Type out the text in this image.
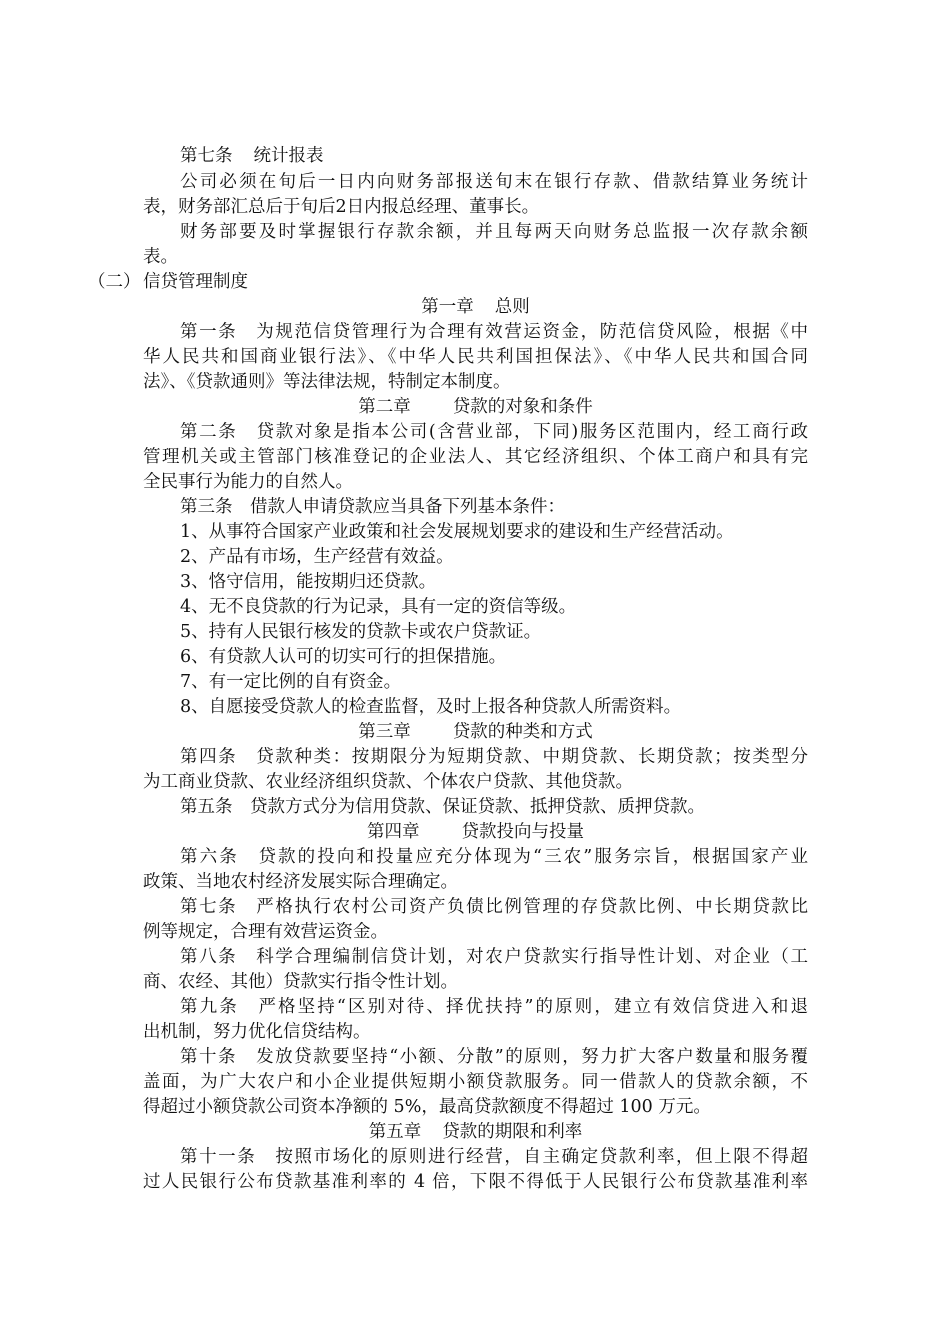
第七条 统计报表
公司必须在旬后一日内向财务部报送旬末在银行存款、借款结算业务统计
表，财务部汇总后于旬后2日内报总经理、董事长。
财务部要及时掌握银行存款余额，并且每两天向财务总监报一次存款余额
表。
（二） 信贷管理制度
第一章 总则
第一条　为规范信贷管理行为合理有效营运资金，防范信贷风险，根据《中
华人民共和国商业银行法》、《中华人民共利国担保法》、《中华人民共和国合同
法》、《贷款通则》等法律法规，特制定本制度。
第二章 贷款的对象和条件
第二条　贷款对象是指本公司(含营业部，下同)服务区范围内，经工商行政
管理机关或主管部门核准登记的企业法人、其它经济组织、个体工商户和具有完
全民事行为能力的自然人。
第三条　借款人申请贷款应当具备下列基本条件：
1、从事符合国家产业政策和社会发展规划要求的建设和生产经营活动。
2、产品有市场，生产经营有效益。
3、恪守信用，能按期归还贷款。
4、无不良贷款的行为记录，具有一定的资信等级。
5、持有人民银行核发的贷款卡或农户贷款证。
6、有贷款人认可的切实可行的担保措施。
7、有一定比例的自有资金。
8、自愿接受贷款人的检查监督，及时上报各种贷款人所需资料。
第三章 贷款的种类和方式
第四条　贷款种类：按期限分为短期贷款、中期贷款、长期贷款；按类型分
为工商业贷款、农业经济组织贷款、个体农户贷款、其他贷款。
第五条　贷款方式分为信用贷款、保证贷款、抵押贷款、质押贷款。
第四章 贷款投向与投量
第六条　贷款的投向和投量应充分体现为“三农”服务宗旨，根据国家产业
政策、当地农村经济发展实际合理确定。
第七条　严格执行农村公司资产负债比例管理的存贷款比例、中长期贷款比
例等规定，合理有效营运资金。
第八条　科学合理编制信贷计划，对农户贷款实行指导性计划、对企业（工
商、农经、其他）贷款实行指令性计划。
第九条　严格坚持“区别对待、择优扶持”的原则，建立有效信贷进入和退
出机制，努力优化信贷结构。
第十条　发放贷款要坚持“小额、分散”的原则，努力扩大客户数量和服务覆
盖面，为广大农户和小企业提供短期小额贷款服务。同一借款人的贷款余额，不
得超过小额贷款公司资本净额的 5%，最高贷款额度不得超过 100 万元。
第五章 贷款的期限和利率
第十一条　按照市场化的原则进行经营，自主确定贷款利率，但上限不得超
过人民银行公布贷款基准利率的 4 倍，下限不得低于人民银行公布贷款基准利率
